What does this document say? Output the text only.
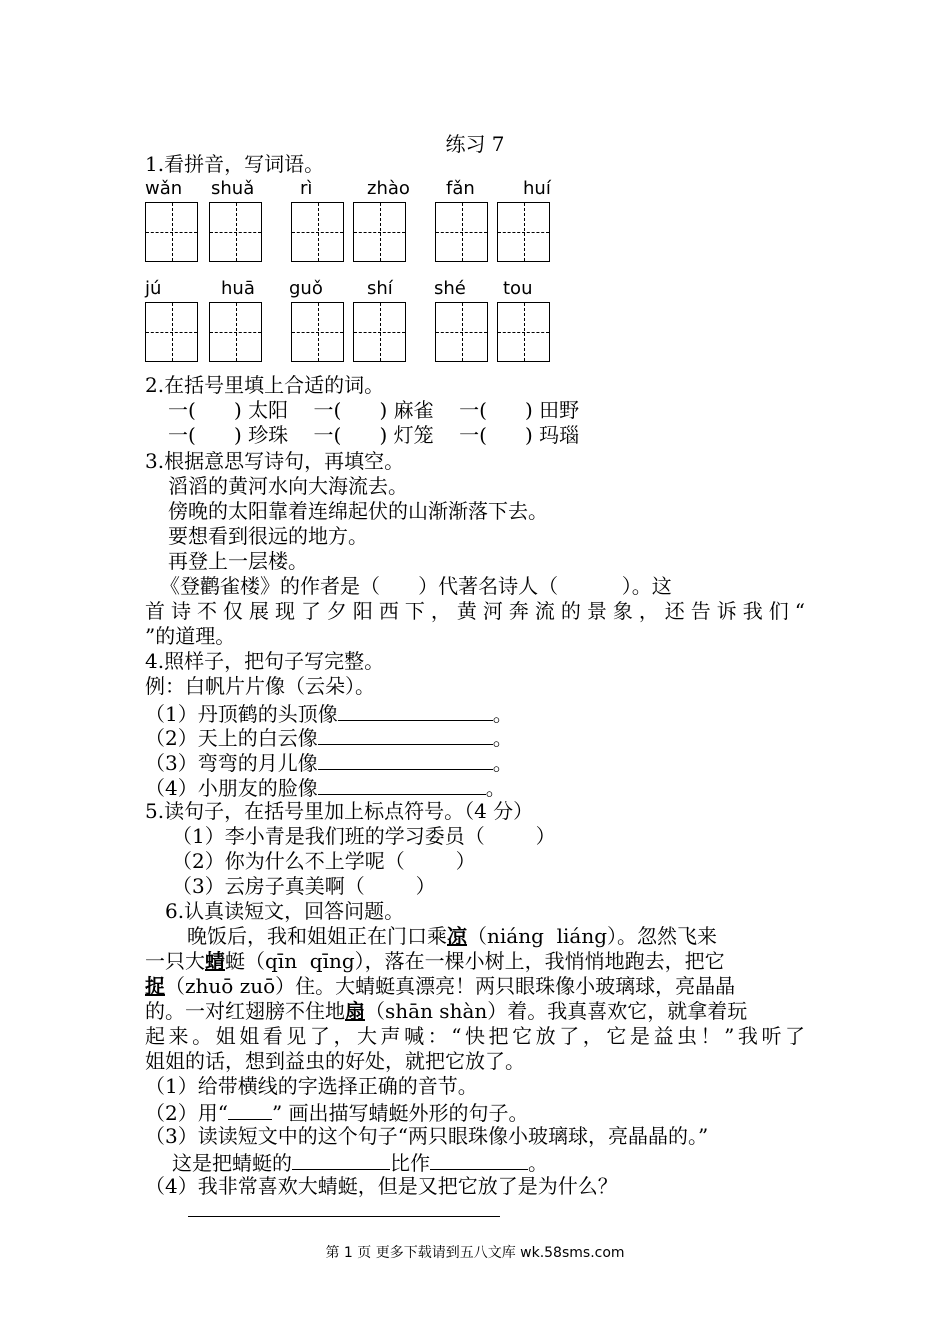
练习 7
1.看拼音，写词语。
wǎn shuǎ	rì	zhào fǎn	huí
jú	huā guǒ shí shé tou
2.在括号里填上合适的词。
一(      ) 太阳    一(      ) 麻雀    一(      ) 田野
一(      ) 珍珠    一(      ) 灯笼    一(      ) 玛瑙
3.根据意思写诗句，再填空。
滔滔的黄河水向大海流去。
傍晚的太阳靠着连绵起伏的山渐渐落下去。
要想看到很远的地方。
再登上一层楼。
《登鹳雀楼》的作者是（      ）代著名诗人（          ）。这
首诗不仅展现了夕阳西下，黄河奔流的景象，还告诉我们“
”的道理。
4.照样子，把句子写完整。
例：白帆片片像（云朵）。
（1）丹顶鹤的头顶像	。
（2）天上的白云像	。
（3）弯弯的月儿像	。
（4）小朋友的脸像	。
5.读句子，在括号里加上标点符号。（4 分）
（1）李小青是我们班的学习委员（        ）
（2）你为什么不上学呢（        ）
（3）云房子真美啊（        ）
6.认真读短文，回答问题。
晚饭后，我和姐姐正在门口乘凉（niáng  liáng）。忽然飞来
一只大蜻蜓（qīn  qīng），落在一棵小树上，我悄悄地跑去，把它
捉（zhuō zuō）住。大蜻蜓真漂亮！两只眼珠像小玻璃球，亮晶晶
的。一对红翅膀不住地扇（shān shàn）着。我真喜欢它，就拿着玩
起来。姐姐看见了，大声喊：“快把它放了，它是益虫！”我听了
姐姐的话，想到益虫的好处，就把它放了。
（1）给带横线的字选择正确的音节。
（2）用“ ” 画出描写蜻蜓外形的句子。
（3）读读短文中的这个句子“两只眼珠像小玻璃球，亮晶晶的。”
这是把蜻蜓的	比作	。
（4）我非常喜欢大蜻蜓，但是又把它放了是为什么？
第 1 页 更多下载请到五八文库 wk.58sms.com
